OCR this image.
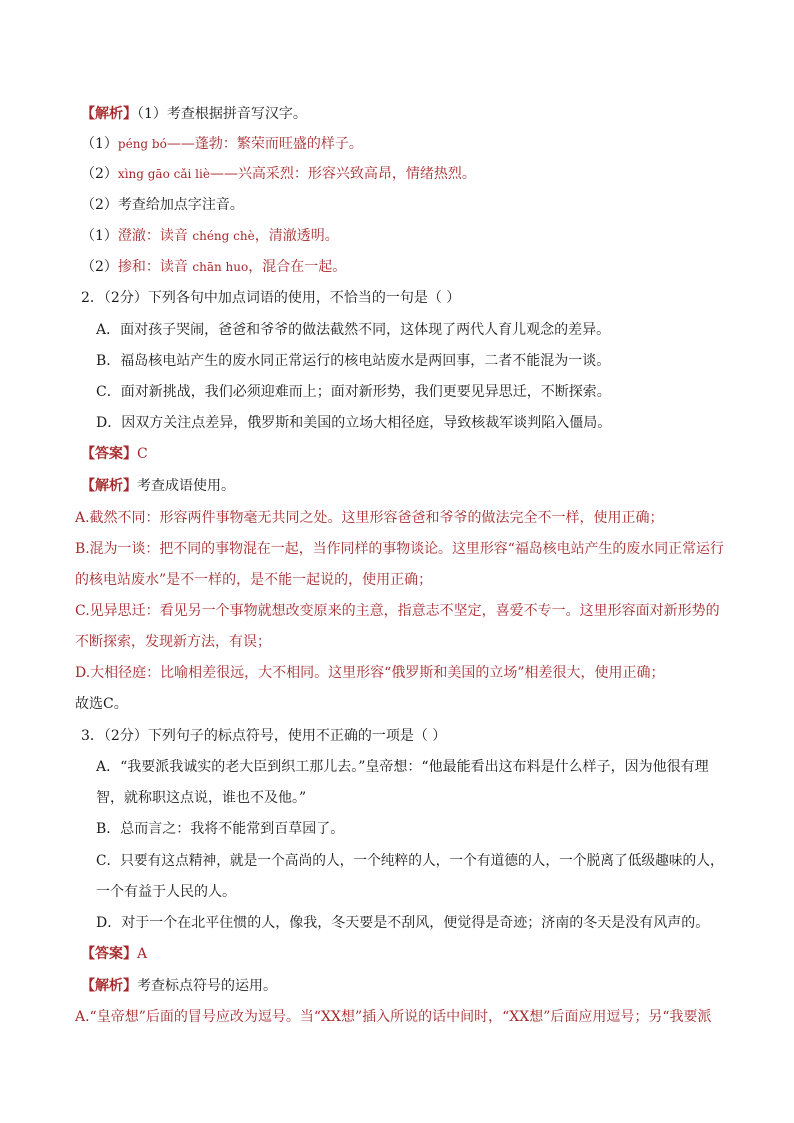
【解析】（1）考查根据拼音写汉字。
（1）péng bó——蓬勃：繁荣而旺盛的样子。
（2）xìng gāo cǎi liè——兴高采烈：形容兴致高昂，情绪热烈。
（2）考查给加点字注音。
（1）澄澈：读音 chéng chè，清澈透明。
（2）掺和：读音 chān huo，混合在一起。
2．（2分）下列各句中加点词语的使用，不恰当的一句是（ ）
A．面对孩子哭闹，爸爸和爷爷的做法截然不同，这体现了两代人育儿观念的差异。
B．福岛核电站产生的废水同正常运行的核电站废水是两回事，二者不能混为一谈。
C．面对新挑战，我们必须迎难而上；面对新形势，我们更要见异思迁，不断探索。
D．因双方关注点差异，俄罗斯和美国的立场大相径庭，导致核裁军谈判陷入僵局。
【答案】C
【解析】考查成语使用。
A.截然不同：形容两件事物毫无共同之处。这里形容爸爸和爷爷的做法完全不一样，使用正确；
B.混为一谈：把不同的事物混在一起，当作同样的事物谈论。这里形容“福岛核电站产生的废水同正常运行
的核电站废水”是不一样的，是不能一起说的，使用正确；
C.见异思迁：看见另一个事物就想改变原来的主意，指意志不坚定，喜爱不专一。这里形容面对新形势的
不断探索，发现新方法，有误；
D.大相径庭：比喻相差很远，大不相同。这里形容“俄罗斯和美国的立场”相差很大，使用正确；
故选C。
3．（2分）下列句子的标点符号，使用不正确的一项是（ ）
A．“我要派我诚实的老大臣到织工那儿去。”皇帝想：“他最能看出这布料是什么样子，因为他很有理
智，就称职这点说，谁也不及他。”
B．总而言之：我将不能常到百草园了。
C．只要有这点精神，就是一个高尚的人，一个纯粹的人，一个有道德的人，一个脱离了低级趣味的人，
一个有益于人民的人。
D．对于一个在北平住惯的人，像我，冬天要是不刮风，便觉得是奇迹；济南的冬天是没有风声的。
【答案】A
【解析】考查标点符号的运用。
A.“皇帝想”后面的冒号应改为逗号。当“XX想”插入所说的话中间时，“XX想”后面应用逗号；另“我要派
